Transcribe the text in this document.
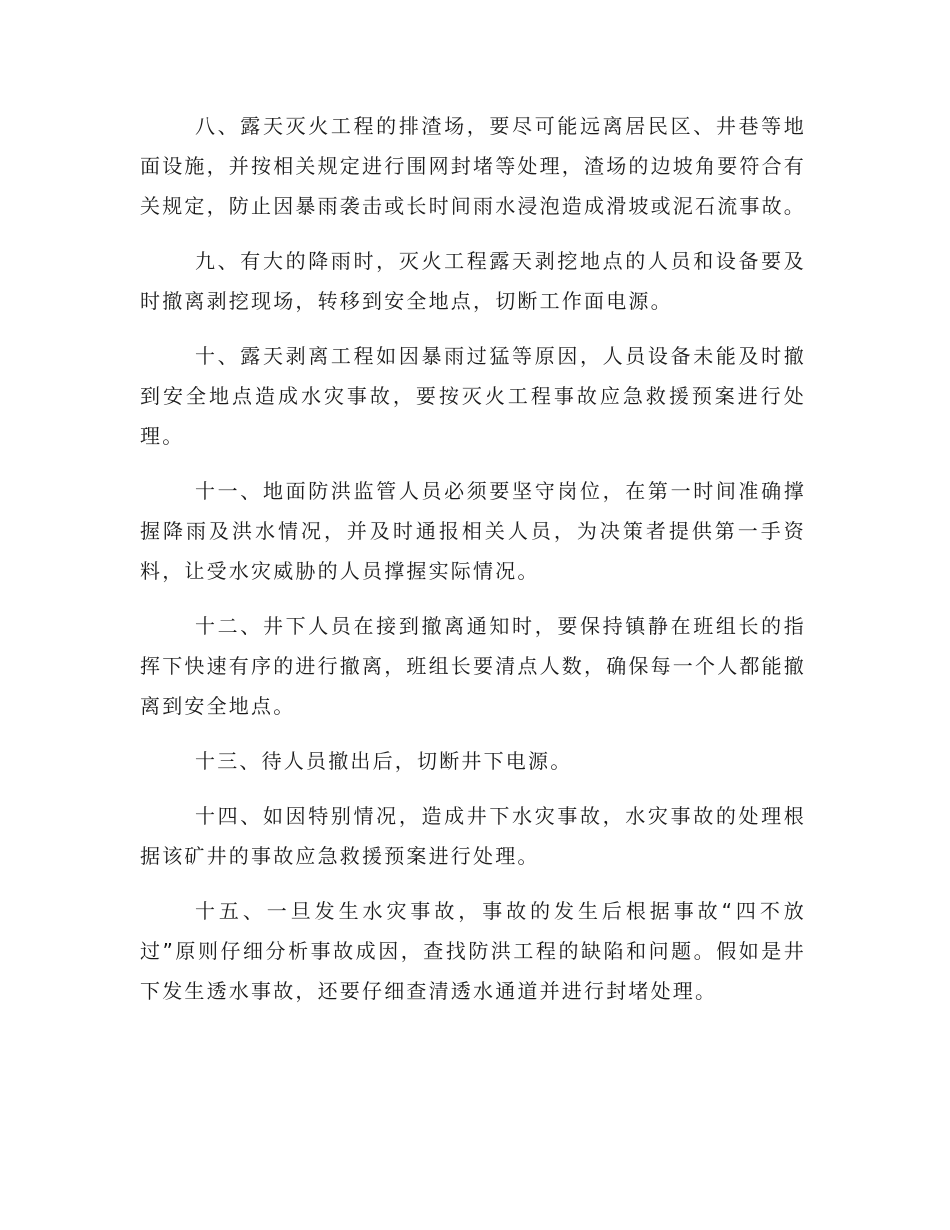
八、露天灭火工程的排渣场，要尽可能远离居民区、井巷等地面设施，并按相关规定进行围网封堵等处理，渣场的边坡角要符合有关规定，防止因暴雨袭击或长时间雨水浸泡造成滑坡或泥石流事故。

九、有大的降雨时，灭火工程露天剥挖地点的人员和设备要及时撤离剥挖现场，转移到安全地点，切断工作面电源。

十、露天剥离工程如因暴雨过猛等原因，人员设备未能及时撤到安全地点造成水灾事故，要按灭火工程事故应急救援预案进行处理。

十一、地面防洪监管人员必须要坚守岗位，在第一时间准确撑握降雨及洪水情况，并及时通报相关人员，为决策者提供第一手资料，让受水灾威胁的人员撑握实际情况。

十二、井下人员在接到撤离通知时，要保持镇静在班组长的指挥下快速有序的进行撤离，班组长要清点人数，确保每一个人都能撤离到安全地点。

十三、待人员撤出后，切断井下电源。

十四、如因特别情况，造成井下水灾事故，水灾事故的处理根据该矿井的事故应急救援预案进行处理。

十五、一旦发生水灾事故，事故的发生后根据事故“四不放过”原则仔细分析事故成因，查找防洪工程的缺陷和问题。假如是井下发生透水事故，还要仔细查清透水通道并进行封堵处理。
